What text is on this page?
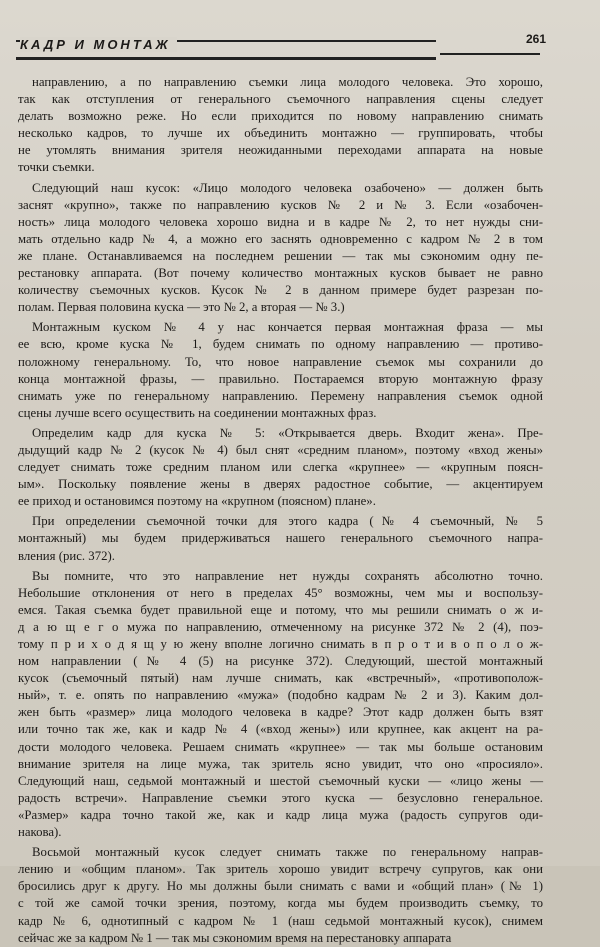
КАДР И МОНТАЖ	261
направлению, а по направлению съемки лица молодого человека. Это хорошо,
так как отступления от генерального съемочного направления сцены следует
делать возможно реже. Но если приходится по новому направлению снимать
несколько кадров, то лучше их объединить монтажно — группировать, чтобы
не утомлять внимания зрителя неожиданными переходами аппарата на новые
точки съемки.
Следующий наш кусок: «Лицо молодого человека озабочено» — должен быть
заснят «крупно», также по направлению кусков № 2 и № 3. Если «озабочен-
ность» лица молодого человека хорошо видна и в кадре № 2, то нет нужды сни-
мать отдельно кадр № 4, а можно его заснять одновременно с кадром № 2 в том
же плане. Останавливаемся на последнем решении — так мы сэкономим одну пе-
рестановку аппарата. (Вот почему количество монтажных кусков бывает не равно
количеству съемочных кусков. Кусок № 2 в данном примере будет разрезан по-
полам. Первая половина куска — это № 2, а вторая — № 3.)
Монтажным куском № 4 у нас кончается первая монтажная фраза — мы
ее всю, кроме куска № 1, будем снимать по одному направлению — противо-
положному генеральному. То, что новое направление съемок мы сохранили до
конца монтажной фразы, — правильно. Постараемся вторую монтажную фразу
снимать уже по генеральному направлению. Перемену направления съемок одной
сцены лучше всего осуществить на соединении монтажных фраз.
Определим кадр для куска № 5: «Открывается дверь. Входит жена». Пре-
дыдущий кадр № 2 (кусок № 4) был снят «средним планом», поэтому «вход жены»
следует снимать тоже средним планом или слегка «крупнее» — «крупным поясн-
ым». Поскольку появление жены в дверях радостное событие, — акцентируем
ее приход и остановимся поэтому на «крупном (поясном) плане».
При определении съемочной точки для этого кадра (№ 4 съемочный, № 5
монтажный) мы будем придерживаться нашего генерального съемочного напра-
вления (рис. 372).
Вы помните, что это направление нет нужды сохранять абсолютно точно.
Небольшие отклонения от него в пределах 45° возможны, чем мы и воспользу-
емся. Такая съемка будет правильной еще и потому, что мы решили снимать о ж и-
д а ю щ е г о мужа по направлению, отмеченному на рисунке 372 № 2 (4), поэ-
тому п р и х о д я щ у ю жену вполне логично снимать в п р о т и в о п о л о ж-
ном направлении (№ 4 (5) на рисунке 372). Следующий, шестой монтажный
кусок (съемочный пятый) нам лучше снимать, как «встречный», «противополож-
ный», т. е. опять по направлению «мужа» (подобно кадрам № 2 и 3). Каким дол-
жен быть «размер» лица молодого человека в кадре? Этот кадр должен быть взят
или точно так же, как и кадр № 4 («вход жены») или крупнее, как акцент на ра-
дости молодого человека. Решаем снимать «крупнее» — так мы больше остановим
внимание зрителя на лице мужа, так зритель ясно увидит, что оно «просияло».
Следующий наш, седьмой монтажный и шестой съемочный куски — «лицо жены —
радость встречи». Направление съемки этого куска — безусловно генеральное.
«Размер» кадра точно такой же, как и кадр лица мужа (радость супругов оди-
накова).
Восьмой монтажный кусок следует снимать также по генеральному направ-
лению и «общим планом». Так зритель хорошо увидит встречу супругов, как они
бросились друг к другу. Но мы должны были снимать с вами и «общий план» (№ 1)
с той же самой точки зрения, поэтому, когда мы будем производить съемку, то
кадр № 6, однотипный с кадром № 1 (наш седьмой монтажный кусок), снимем
сейчас же за кадром № 1 — так мы сэкономим время на перестановку аппарата
